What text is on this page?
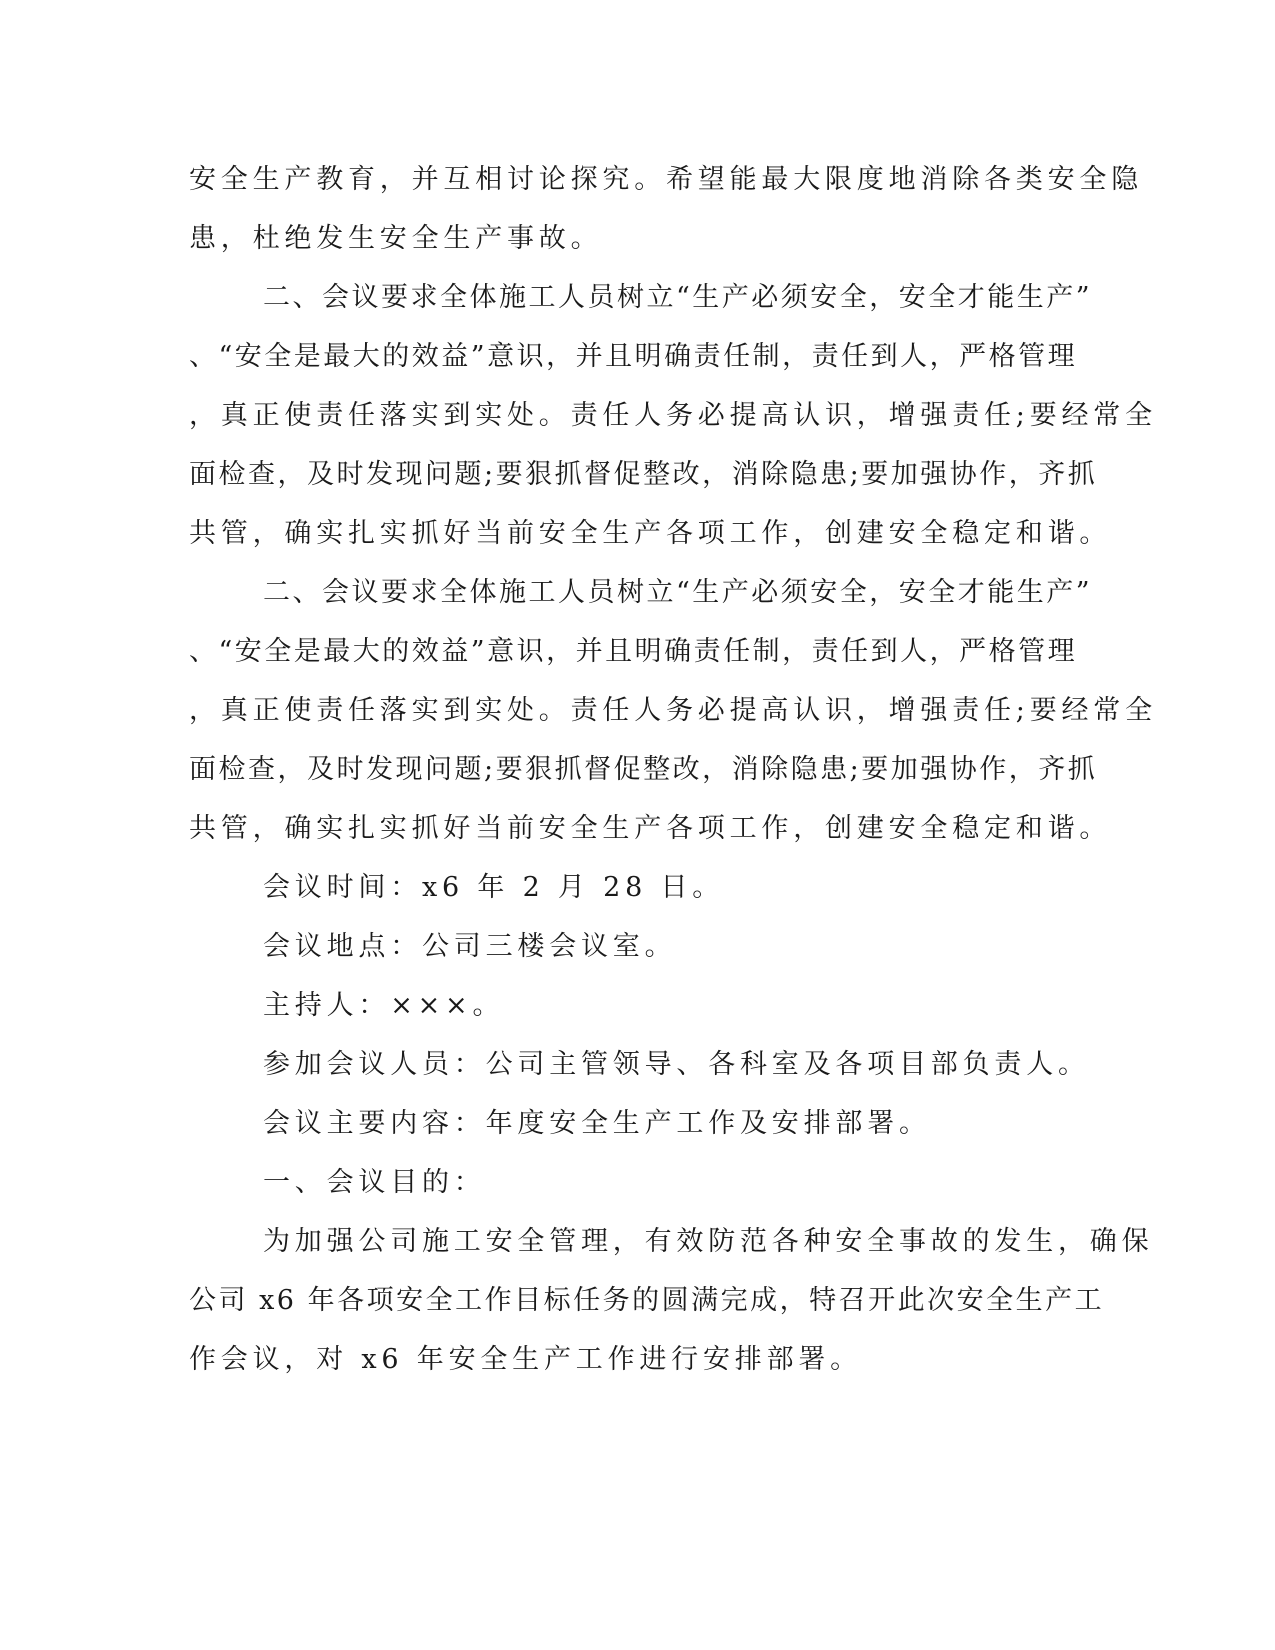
安全生产教育，并互相讨论探究。希望能最大限度地消除各类安全隐
患，杜绝发生安全生产事故。
二、会议要求全体施工人员树立“生产必须安全，安全才能生产”
、“安全是最大的效益”意识，并且明确责任制，责任到人，严格管理
，真正使责任落实到实处。责任人务必提高认识，增强责任;要经常全
面检查，及时发现问题;要狠抓督促整改，消除隐患;要加强协作，齐抓
共管，确实扎实抓好当前安全生产各项工作，创建安全稳定和谐。
二、会议要求全体施工人员树立“生产必须安全，安全才能生产”
、“安全是最大的效益”意识，并且明确责任制，责任到人，严格管理
，真正使责任落实到实处。责任人务必提高认识，增强责任;要经常全
面检查，及时发现问题;要狠抓督促整改，消除隐患;要加强协作，齐抓
共管，确实扎实抓好当前安全生产各项工作，创建安全稳定和谐。
会议时间：x6 年 2 月 28 日。
会议地点：公司三楼会议室。
主持人：×××。
参加会议人员：公司主管领导、各科室及各项目部负责人。
会议主要内容：年度安全生产工作及安排部署。
一、会议目的：
为加强公司施工安全管理，有效防范各种安全事故的发生，确保
公司 x6 年各项安全工作目标任务的圆满完成，特召开此次安全生产工
作会议，对 x6 年安全生产工作进行安排部署。
